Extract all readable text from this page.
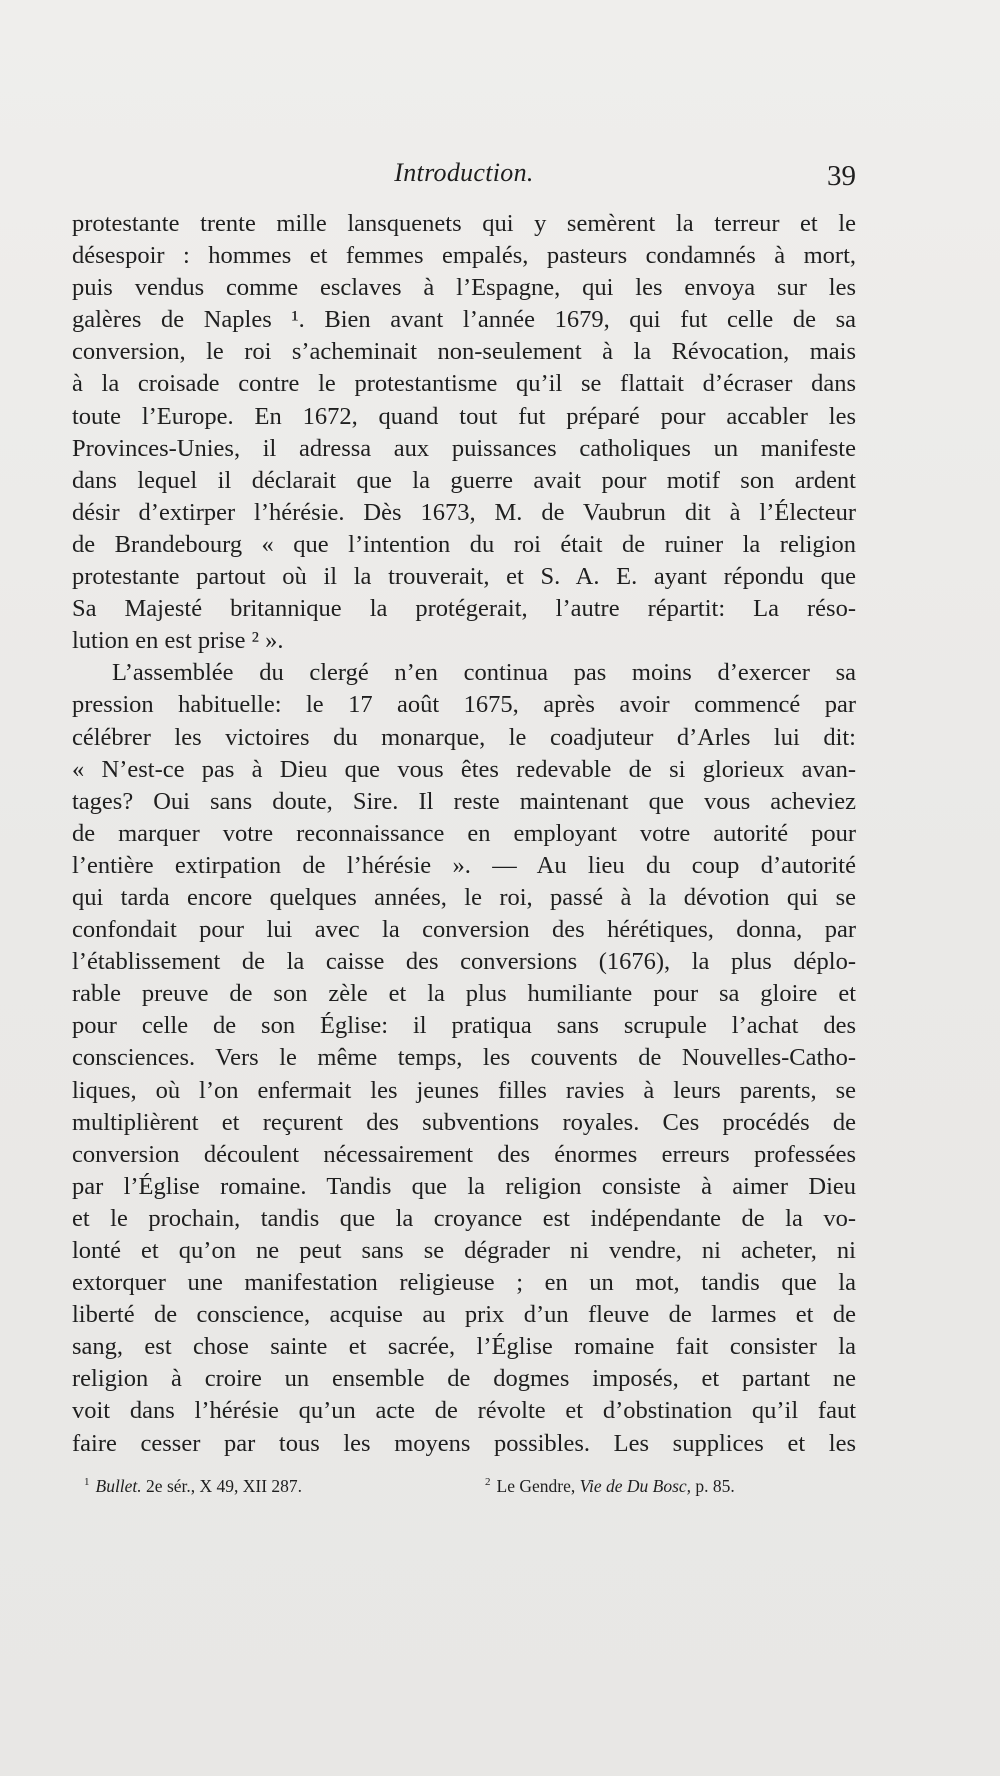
Introduction.	39
protestante trente mille lansquenets qui y semèrent la terreur et le
désespoir : hommes et femmes empalés, pasteurs condamnés à mort,
puis vendus comme esclaves à l’Espagne, qui les envoya sur les
galères de Naples ¹. Bien avant l’année 1679, qui fut celle de sa
conversion, le roi s’acheminait non-seulement à la Révocation, mais
à la croisade contre le protestantisme qu’il se flattait d’écraser dans
toute l’Europe. En 1672, quand tout fut préparé pour accabler les
Provinces-Unies, il adressa aux puissances catholiques un manifeste
dans lequel il déclarait que la guerre avait pour motif son ardent
désir d’extirper l’hérésie. Dès 1673, M. de Vaubrun dit à l’Électeur
de Brandebourg « que l’intention du roi était de ruiner la religion
protestante partout où il la trouverait, et S. A. E. ayant répondu que
Sa Majesté britannique la protégerait, l’autre répartit: La réso-
lution en est prise ² ».
L’assemblée du clergé n’en continua pas moins d’exercer sa
pression habituelle: le 17 août 1675, après avoir commencé par
célébrer les victoires du monarque, le coadjuteur d’Arles lui dit:
« N’est-ce pas à Dieu que vous êtes redevable de si glorieux avan-
tages? Oui sans doute, Sire. Il reste maintenant que vous acheviez
de marquer votre reconnaissance en employant votre autorité pour
l’entière extirpation de l’hérésie ». — Au lieu du coup d’autorité
qui tarda encore quelques années, le roi, passé à la dévotion qui se
confondait pour lui avec la conversion des hérétiques, donna, par
l’établissement de la caisse des conversions (1676), la plus déplo-
rable preuve de son zèle et la plus humiliante pour sa gloire et
pour celle de son Église: il pratiqua sans scrupule l’achat des
consciences. Vers le même temps, les couvents de Nouvelles-Catho-
liques, où l’on enfermait les jeunes filles ravies à leurs parents, se
multiplièrent et reçurent des subventions royales. Ces procédés de
conversion découlent nécessairement des énormes erreurs professées
par l’Église romaine. Tandis que la religion consiste à aimer Dieu
et le prochain, tandis que la croyance est indépendante de la vo-
lonté et qu’on ne peut sans se dégrader ni vendre, ni acheter, ni
extorquer une manifestation religieuse ; en un mot, tandis que la
liberté de conscience, acquise au prix d’un fleuve de larmes et de
sang, est chose sainte et sacrée, l’Église romaine fait consister la
religion à croire un ensemble de dogmes imposés, et partant ne
voit dans l’hérésie qu’un acte de révolte et d’obstination qu’il faut
faire cesser par tous les moyens possibles. Les supplices et les
$^1$ Bullet. 2e sér., X 49, XII 287.	$^2$ Le Gendre, Vie de Du Bosc, p. 85.
